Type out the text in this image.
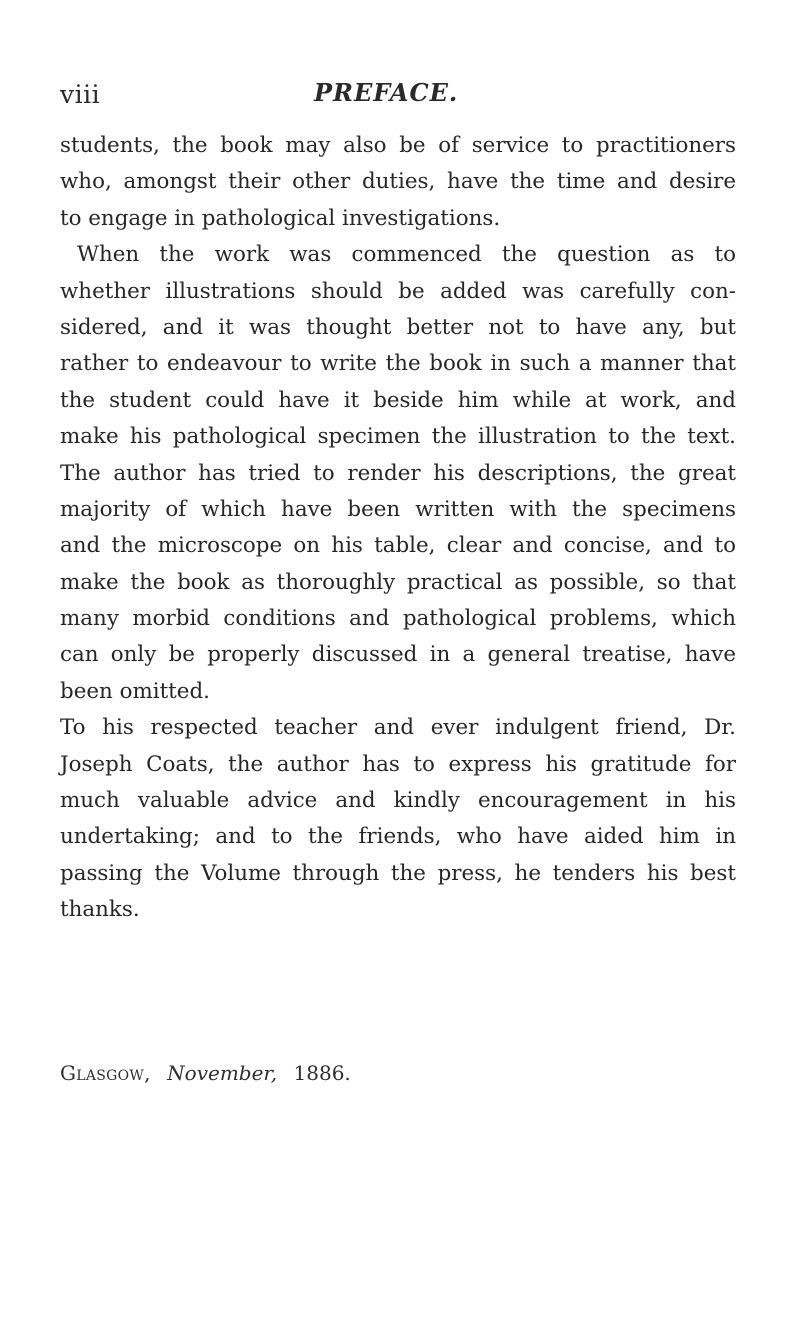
viii	PREFACE.
students, the book may also be of service to practitioners
who, amongst their other duties, have the time and desire
to engage in pathological investigations.
When the work was commenced the question as to
whether illustrations should be added was carefully con-
sidered, and it was thought better not to have any, but
rather to endeavour to write the book in such a manner that
the student could have it beside him while at work, and
make his pathological specimen the illustration to the text.
The author has tried to render his descriptions, the great
majority of which have been written with the specimens
and the microscope on his table, clear and concise, and to
make the book as thoroughly practical as possible, so that
many morbid conditions and pathological problems, which
can only be properly discussed in a general treatise, have
been omitted.
To his respected teacher and ever indulgent friend, Dr.
Joseph Coats, the author has to express his gratitude for
much valuable advice and kindly encouragement in his
undertaking; and to the friends, who have aided him in
passing the Volume through the press, he tenders his best
thanks.
Glasgow, November, 1886.
